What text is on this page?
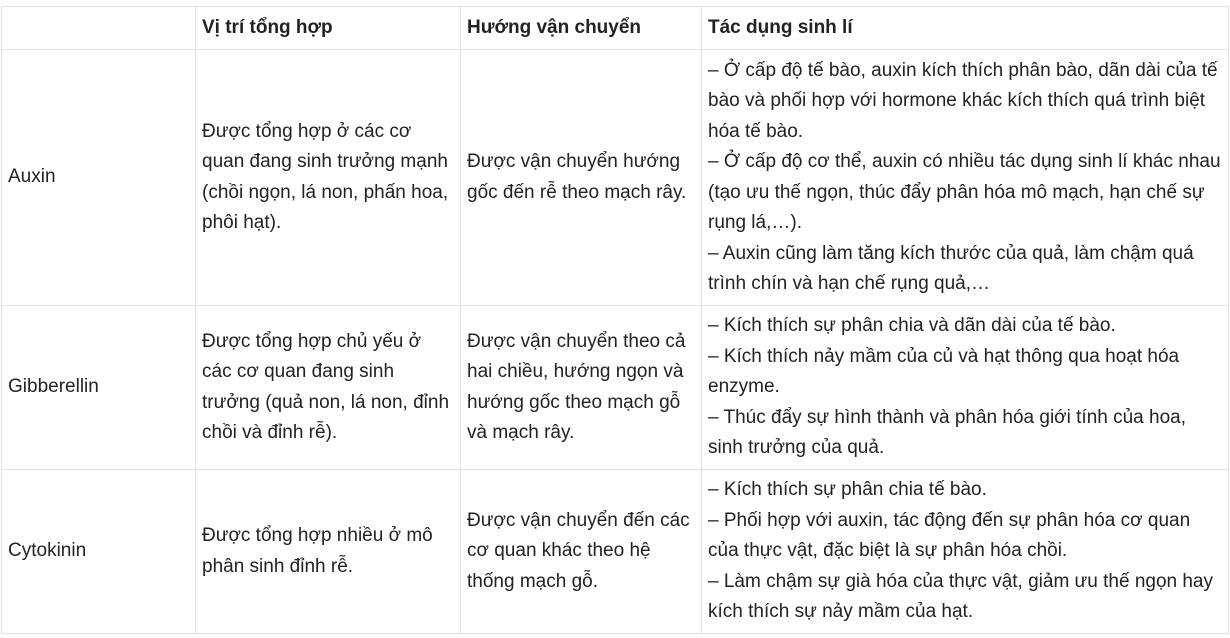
	Vị trí tổng hợp	Hướng vận chuyển	Tác dụng sinh lí
Auxin	Được tổng hợp ở các cơ quan đang sinh trưởng mạnh (chồi ngọn, lá non, phấn hoa, phôi hạt).	Được vận chuyển hướng gốc đến rễ theo mạch rây.	– Ở cấp độ tế bào, auxin kích thích phân bào, dãn dài của tế bào và phối hợp với hormone khác kích thích quá trình biệt hóa tế bào.
– Ở cấp độ cơ thể, auxin có nhiều tác dụng sinh lí khác nhau (tạo ưu thế ngọn, thúc đẩy phân hóa mô mạch, hạn chế sự rụng lá,…).
– Auxin cũng làm tăng kích thước của quả, làm chậm quá trình chín và hạn chế rụng quả,…

Gibberellin	Được tổng hợp chủ yếu ở các cơ quan đang sinh trưởng (quả non, lá non, đỉnh chồi và đỉnh rễ).	Được vận chuyển theo cả hai chiều, hướng ngọn và hướng gốc theo mạch gỗ và mạch rây.	– Kích thích sự phân chia và dãn dài của tế bào.
– Kích thích nảy mầm của củ và hạt thông qua hoạt hóa enzyme.
– Thúc đẩy sự hình thành và phân hóa giới tính của hoa, sinh trưởng của quả.

Cytokinin	Được tổng hợp nhiều ở mô phân sinh đỉnh rễ.	Được vận chuyển đến các cơ quan khác theo hệ thống mạch gỗ.	– Kích thích sự phân chia tế bào.
– Phối hợp với auxin, tác động đến sự phân hóa cơ quan của thực vật, đặc biệt là sự phân hóa chồi.
– Làm chậm sự già hóa của thực vật, giảm ưu thế ngọn hay kích thích sự nảy mầm của hạt.
